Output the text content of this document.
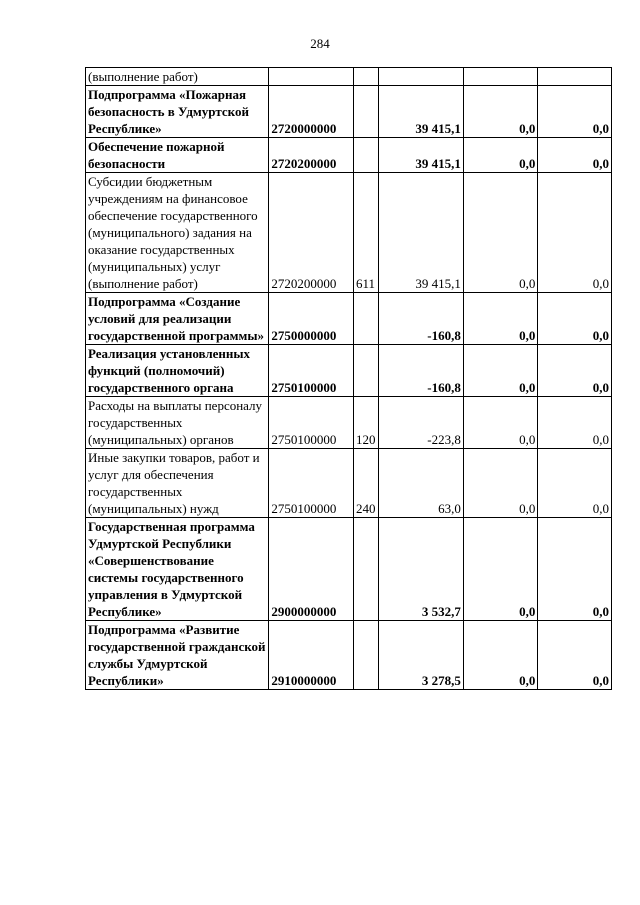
284
(выполнение работ)					
Подпрограмма «Пожарная безопасность в Удмуртской Республике»	2720000000		39 415,1	0,0	0,0
Обеспечение пожарной безопасности	2720200000		39 415,1	0,0	0,0
Субсидии бюджетным учреждениям на финансовое обеспечение государственного (муниципального) задания на оказание государственных (муниципальных) услуг (выполнение работ)	2720200000	611	39 415,1	0,0	0,0
Подпрограмма «Создание условий для реализации государственной программы»	2750000000		-160,8	0,0	0,0
Реализация установленных функций (полномочий) государственного органа	2750100000		-160,8	0,0	0,0
Расходы на выплаты персоналу государственных (муниципальных) органов	2750100000	120	-223,8	0,0	0,0
Иные закупки товаров, работ и услуг для обеспечения государственных (муниципальных) нужд	2750100000	240	63,0	0,0	0,0
Государственная программа Удмуртской Республики «Совершенствование системы государственного управления в Удмуртской Республике»	2900000000		3 532,7	0,0	0,0
Подпрограмма «Развитие государственной гражданской службы Удмуртской Республики»	2910000000		3 278,5	0,0	0,0
